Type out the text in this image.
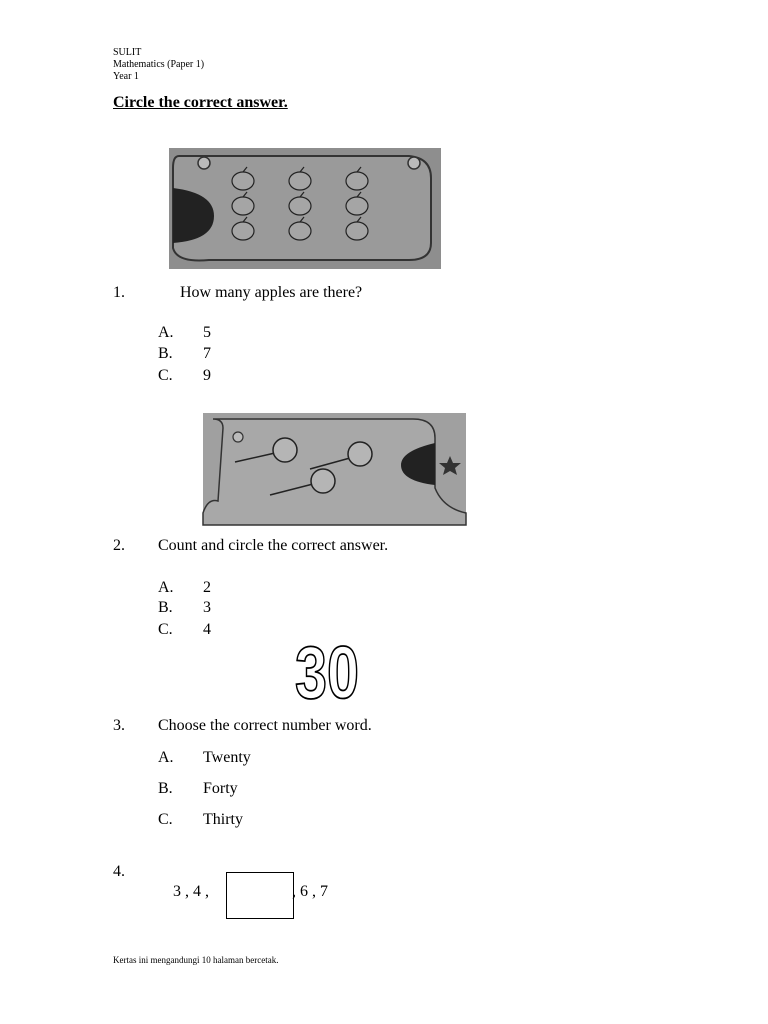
SULIT
Mathematics (Paper 1)
Year 1
Circle the correct answer.
1.	How many apples are there?
A. 5
B. 7
C. 9
2. Count and circle the correct answer.
A. 2
B. 3
C. 4
30
3. Choose the correct number word.
A. Twenty
B. Forty
C. Thirty
4.
3 , 4 ,	, 6 , 7
Kertas ini mengandungi 10 halaman bercetak.
